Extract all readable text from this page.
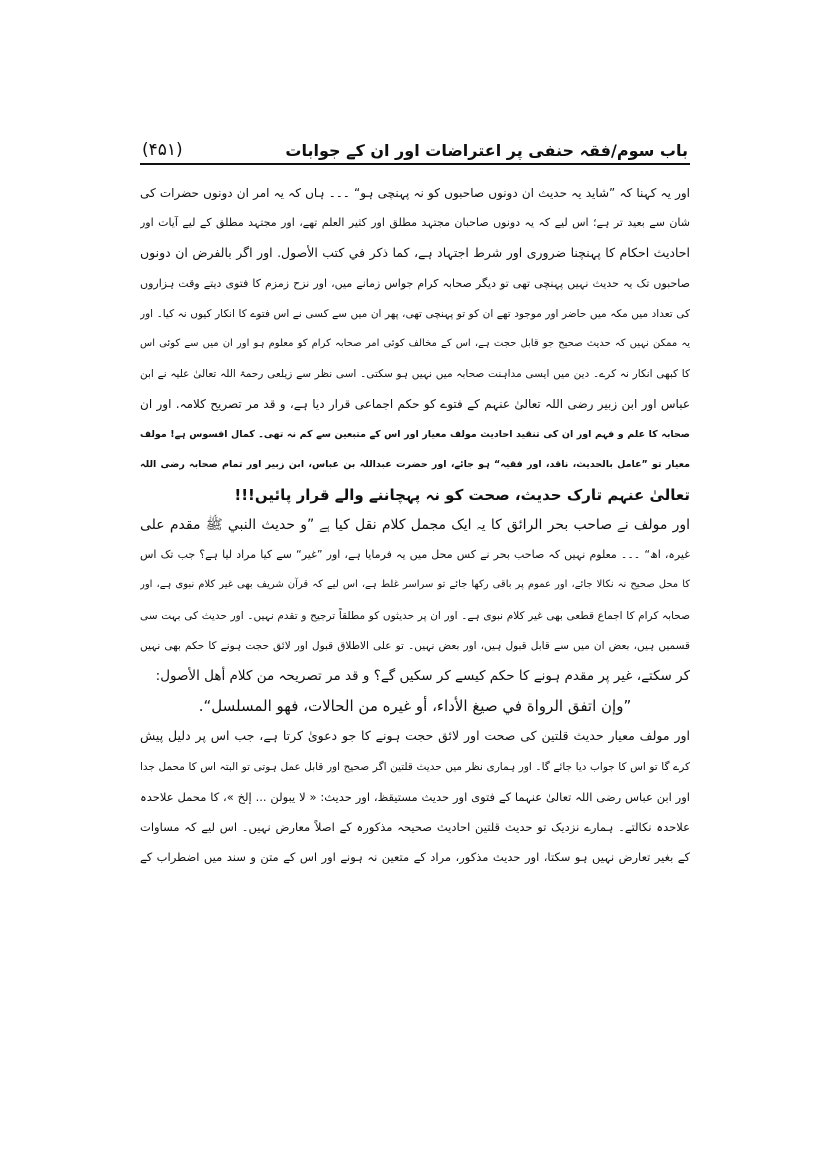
باب سوم/فقہ حنفی پر اعتراضات اور ان کے جوابات
(۴۵۱)
اور یہ کہنا کہ ”شاید یہ حدیث ان دونوں صاحبوں کو نہ پہنچی ہو“ ۔۔۔ ہاں کہ یہ امر ان دونوں حضرات کی
شان سے بعید تر ہے؛ اس لیے کہ یہ دونوں صاحبان مجتہد مطلق اور کثیر العلم تھے، اور مجتہد مطلق کے لیے آیات اور
احادیث احکام کا پہنچنا ضروری اور شرط اجتہاد ہے، کما ذکر في کتب الأصول. اور اگر بالفرض ان دونوں
صاحبوں تک یہ حدیث نہیں پہنچی تھی تو دیگر صحابہ کرام جواس زمانے میں، اور نزح زمزم کا فتوی دیتے وقت ہزاروں
کی تعداد میں مکہ میں حاضر اور موجود تھے ان کو تو پہنچی تھی، پھر ان میں سے کسی نے اس فتوے کا انکار کیوں نہ کیا۔ اور
یہ ممکن نہیں کہ حدیث صحیح جو قابل حجت ہے، اس کے مخالف کوئی امر صحابہ کرام کو معلوم ہو اور ان میں سے کوئی اس
کا کبھی انکار نہ کرے۔ دین میں ایسی مداہنت صحابہ میں نہیں ہو سکتی۔ اسی نظر سے زیلعی رحمۃ اللہ تعالیٰ علیہ نے ابن
عباس اور ابن زبیر رضی اللہ تعالیٰ عنہم کے فتوے کو حکم اجماعی قرار دیا ہے، و قد مر تصریح کلامہ. اور ان
صحابہ کا علم و فہم اور ان کی تنقید احادیث مولف معیار اور اس کے متبعین سے کم نہ تھی۔ کمال افسوس ہے! مولف
معیار تو ”عامل بالحدیث، ناقد، اور فقیہ“ ہو جائے، اور حضرت عبداللہ بن عباس، ابن زبیر اور تمام صحابہ رضی اللہ
تعالیٰ عنہم تارک حدیث، صحت کو نہ پہچاننے والے قرار پائیں!!!
اور مولف نے صاحب بحر الرائق کا یہ ایک مجمل کلام نقل کیا ہے ”و حدیث النبي ﷺ مقدم علی
غیرہ، اھ“ ۔۔۔ معلوم نہیں کہ صاحب بحر نے کس محل میں یہ فرمایا ہے، اور ”غیر“ سے کیا مراد لیا ہے؟ جب تک اس
کا محل صحیح نہ نکالا جائے، اور عموم پر باقی رکھا جائے تو سراسر غلط ہے، اس لیے کہ قرآن شریف بھی غیر کلام نبوی ہے، اور
صحابہ کرام کا اجماع قطعی بھی غیر کلام نبوی ہے۔ اور ان پر حدیثوں کو مطلقاً ترجیح و تقدم نہیں۔ اور حدیث کی بہت سی
قسمیں ہیں، بعض ان میں سے قابل قبول ہیں، اور بعض نہیں۔ تو علی الاطلاق قبول اور لائق حجت ہونے کا حکم بھی نہیں
کر سکتے، غیر پر مقدم ہونے کا حکم کیسے کر سکیں گے؟ و قد مر تصریحہ من کلام أهل الأصول:
”وإن اتفق الرواة في صيغ الأداء، أو غيره من الحالات، فهو المسلسل“.
اور مولف معیار حدیث قلتین کی صحت اور لائق حجت ہونے کا جو دعویٰ کرتا ہے، جب اس پر دلیل پیش
کرے گا تو اس کا جواب دیا جائے گا۔ اور ہماری نظر میں حدیث قلتین اگر صحیح اور قابل عمل ہوتی تو البتہ اس کا محمل جدا
اور ابن عباس رضی اللہ تعالیٰ عنہما کے فتوی اور حدیث مستیقظ، اور حدیث: « لا يبولن ... إلخ »، کا محمل علاحدہ
علاحدہ نکالتے۔ ہمارے نزدیک تو حدیث قلتین احادیث صحیحہ مذکورہ کے اصلاً معارض نہیں۔ اس لیے کہ مساوات
کے بغیر تعارض نہیں ہو سکتا، اور حدیث مذکور، مراد کے متعین نہ ہونے اور اس کے متن و سند میں اضطراب کے
